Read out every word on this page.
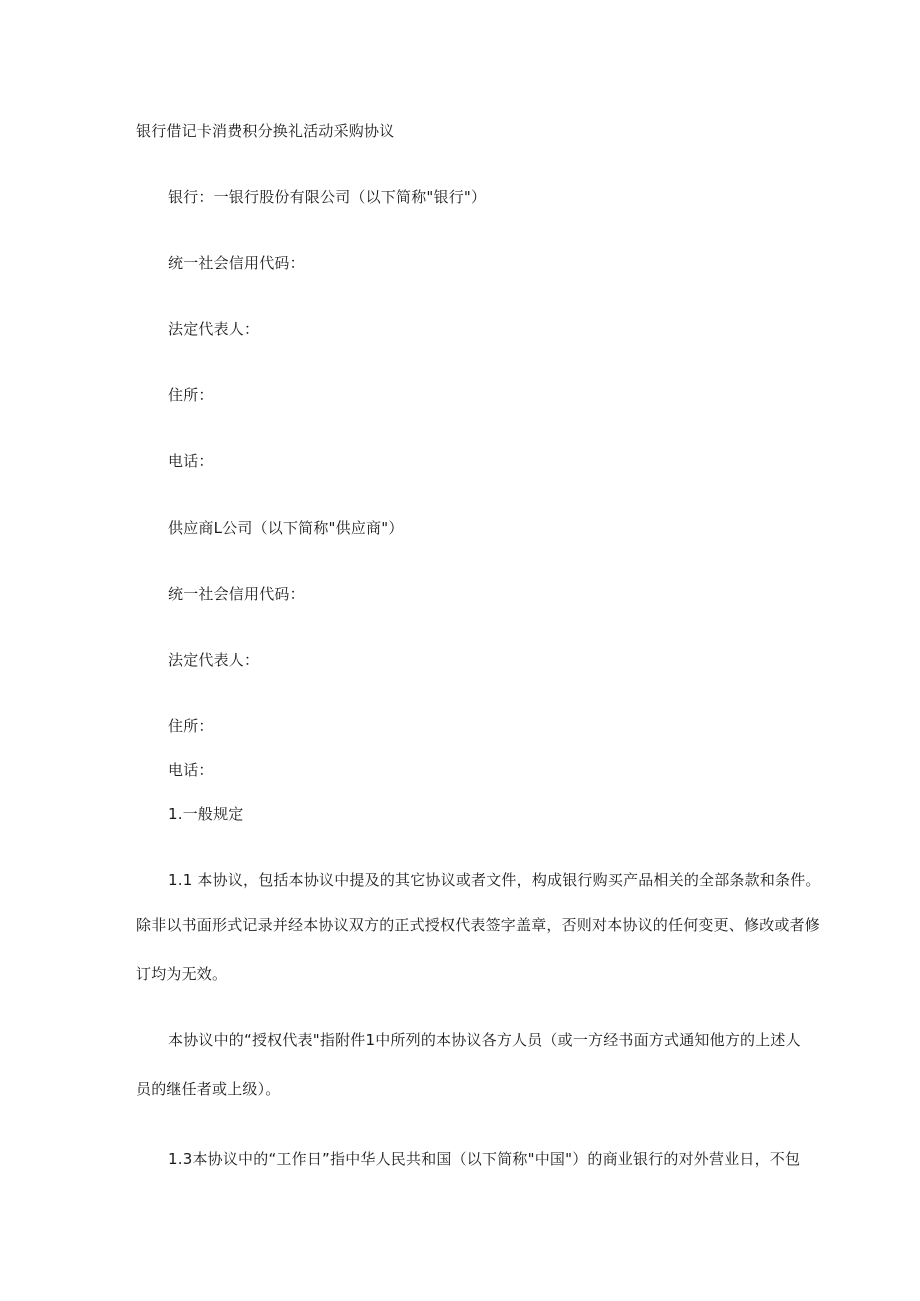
银行借记卡消费积分换礼活动采购协议
银行：一银行股份有限公司（以下简称"银行"）
统一社会信用代码：
法定代表人：
住所：
电话：
供应商L公司（以下简称"供应商"）
统一社会信用代码：
法定代表人：
住所：
电话：
1.一般规定
1.1 本协议，包括本协议中提及的其它协议或者文件，构成银行购买产品相关的全部条款和条件。
除非以书面形式记录并经本协议双方的正式授权代表签字盖章，否则对本协议的任何变更、修改或者修
订均为无效。
本协议中的“授权代表"指附件1中所列的本协议各方人员（或一方经书面方式通知他方的上述人
员的继任者或上级）。
1.3本协议中的“工作日”指中华人民共和国（以下简称"中国"）的商业银行的对外营业日，不包
